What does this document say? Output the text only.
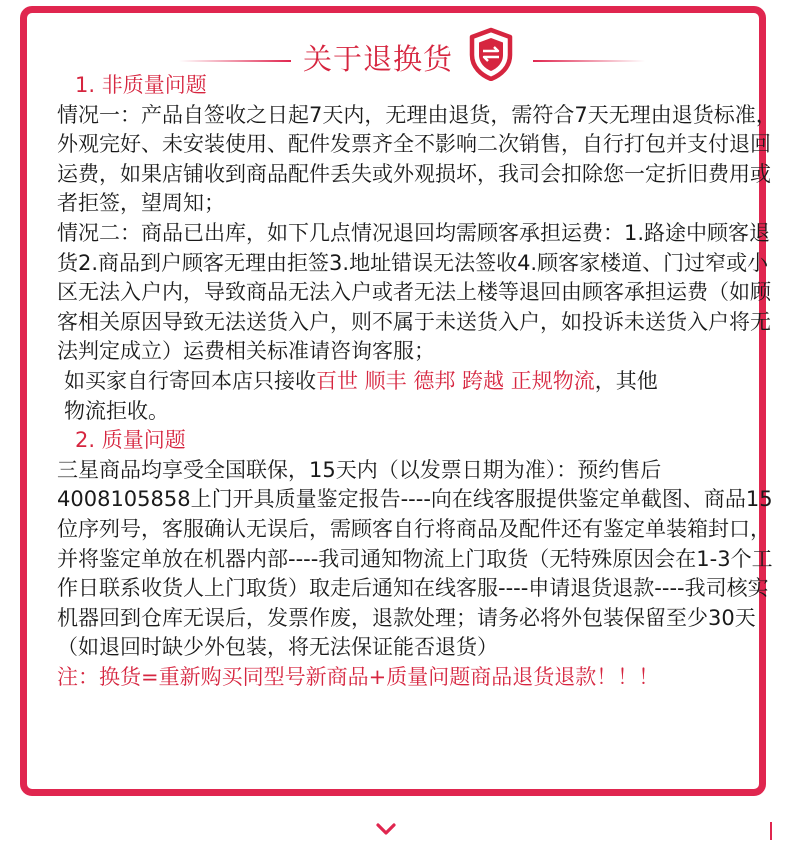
关于退换货

1. 非质量问题

情况一：产品自签收之日起7天内，无理由退货，需符合7天无理由退货标准，外观完好、未安装使用、配件发票齐全不影响二次销售，自行打包并支付退回运费，如果店铺收到商品配件丢失或外观损坏，我司会扣除您一定折旧费用或者拒签，望周知；

情况二：商品已出库，如下几点情况退回均需顾客承担运费：1.路途中顾客退货2.商品到户顾客无理由拒签3.地址错误无法签收4.顾客家楼道、门过窄或小区无法入户内，导致商品无法入户或者无法上楼等退回由顾客承担运费（如顾客相关原因导致无法送货入户，则不属于未送货入户，如投诉未送货入户将无法判定成立）运费相关标准请咨询客服；

如买家自行寄回本店只接收百世 顺丰 德邦 跨越 正规物流，其他

物流拒收。

2. 质量问题

三星商品均享受全国联保，15天内（以发票日期为准）：预约售后4008105858上门开具质量鉴定报告----向在线客服提供鉴定单截图、商品15位序列号，客服确认无误后，需顾客自行将商品及配件还有鉴定单装箱封口，并将鉴定单放在机器内部----我司通知物流上门取货（无特殊原因会在1-3个工作日联系收货人上门取货）取走后通知在线客服----申请退货退款----我司核实机器回到仓库无误后，发票作废，退款处理；请务必将外包装保留至少30天（如退回时缺少外包装，将无法保证能否退货）

注：换货=重新购买同型号新商品+质量问题商品退货退款！！！
